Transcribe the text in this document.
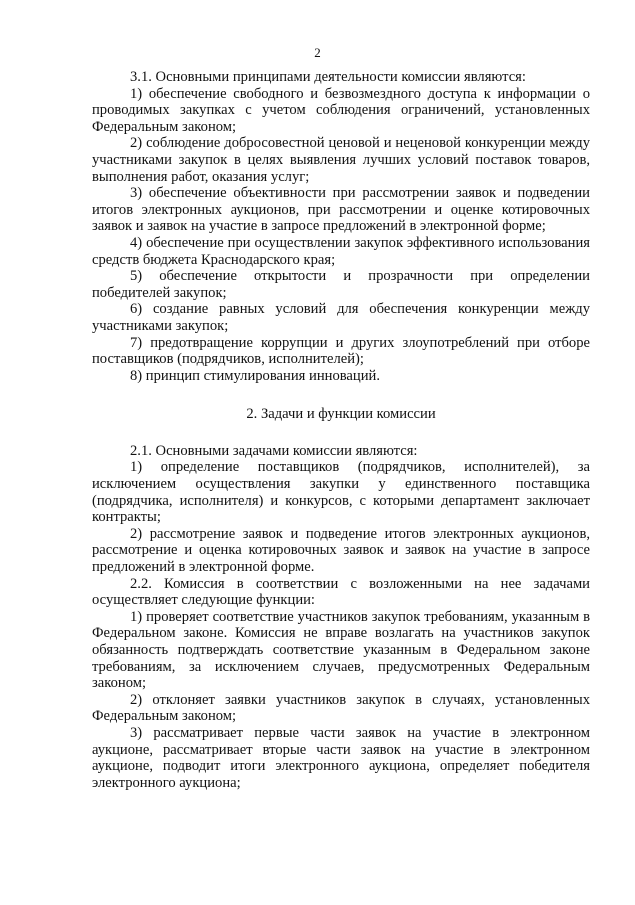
2

3.1. Основными принципами деятельности комиссии являются:

1) обеспечение свободного и безвозмездного доступа к информации о проводимых закупках с учетом соблюдения ограничений, установленных Федеральным законом;

2) соблюдение добросовестной ценовой и неценовой конкуренции между участниками закупок в целях выявления лучших условий поставок товаров, выполнения работ, оказания услуг;

3) обеспечение объективности при рассмотрении заявок и подведении итогов электронных аукционов, при рассмотрении и оценке котировочных заявок и заявок на участие в запросе предложений в электронной форме;

4) обеспечение при осуществлении закупок эффективного использования средств бюджета Краснодарского края;

5) обеспечение открытости и прозрачности при определении победителей закупок;

6) создание равных условий для обеспечения конкуренции между участниками закупок;

7) предотвращение коррупции и других злоупотреблений при отборе поставщиков (подрядчиков, исполнителей);

8) принцип стимулирования инноваций.

2. Задачи и функции комиссии

2.1. Основными задачами комиссии являются:

1) определение поставщиков (подрядчиков, исполнителей), за исключением осуществления закупки у единственного поставщика (подрядчика, исполнителя) и конкурсов, с которыми департамент заключает контракты;

2) рассмотрение заявок и подведение итогов электронных аукционов, рассмотрение и оценка котировочных заявок и заявок на участие в запросе предложений в электронной форме.

2.2. Комиссия в соответствии с возложенными на нее задачами осуществляет следующие функции:

1) проверяет соответствие участников закупок требованиям, указанным в Федеральном законе. Комиссия не вправе возлагать на участников закупок обязанность подтверждать соответствие указанным в Федеральном законе требованиям, за исключением случаев, предусмотренных Федеральным законом;

2) отклоняет заявки участников закупок в случаях, установленных Федеральным законом;

3) рассматривает первые части заявок на участие в электронном аукционе, рассматривает вторые части заявок на участие в электронном аукционе, подводит итоги электронного аукциона, определяет победителя электронного аукциона;
